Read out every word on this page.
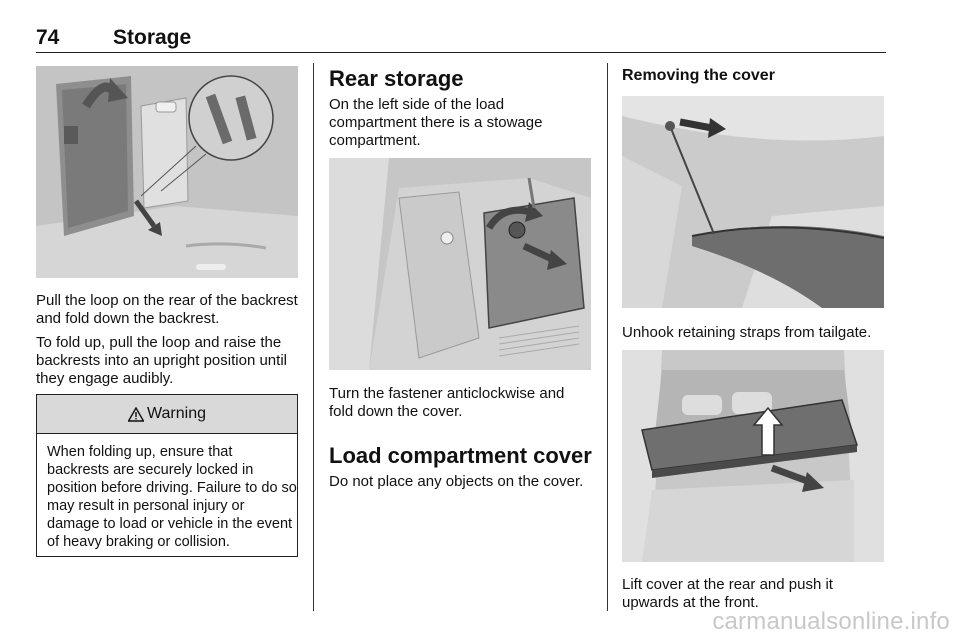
74	Storage
Pull the loop on the rear of the backrest and fold down the backrest.
To fold up, pull the loop and raise the backrests into an upright position until they engage audibly.
Warning
When folding up, ensure that backrests are securely locked in position before driving. Failure to do so may result in personal injury or damage to load or vehicle in the event of heavy braking or collision.
Rear storage
On the left side of the load compartment there is a stowage compartment.
Turn the fastener anticlockwise and fold down the cover.
Load compartment cover
Do not place any objects on the cover.
Removing the cover
Unhook retaining straps from tailgate.
Lift cover at the rear and push it upwards at the front.
carmanualsonline.info
